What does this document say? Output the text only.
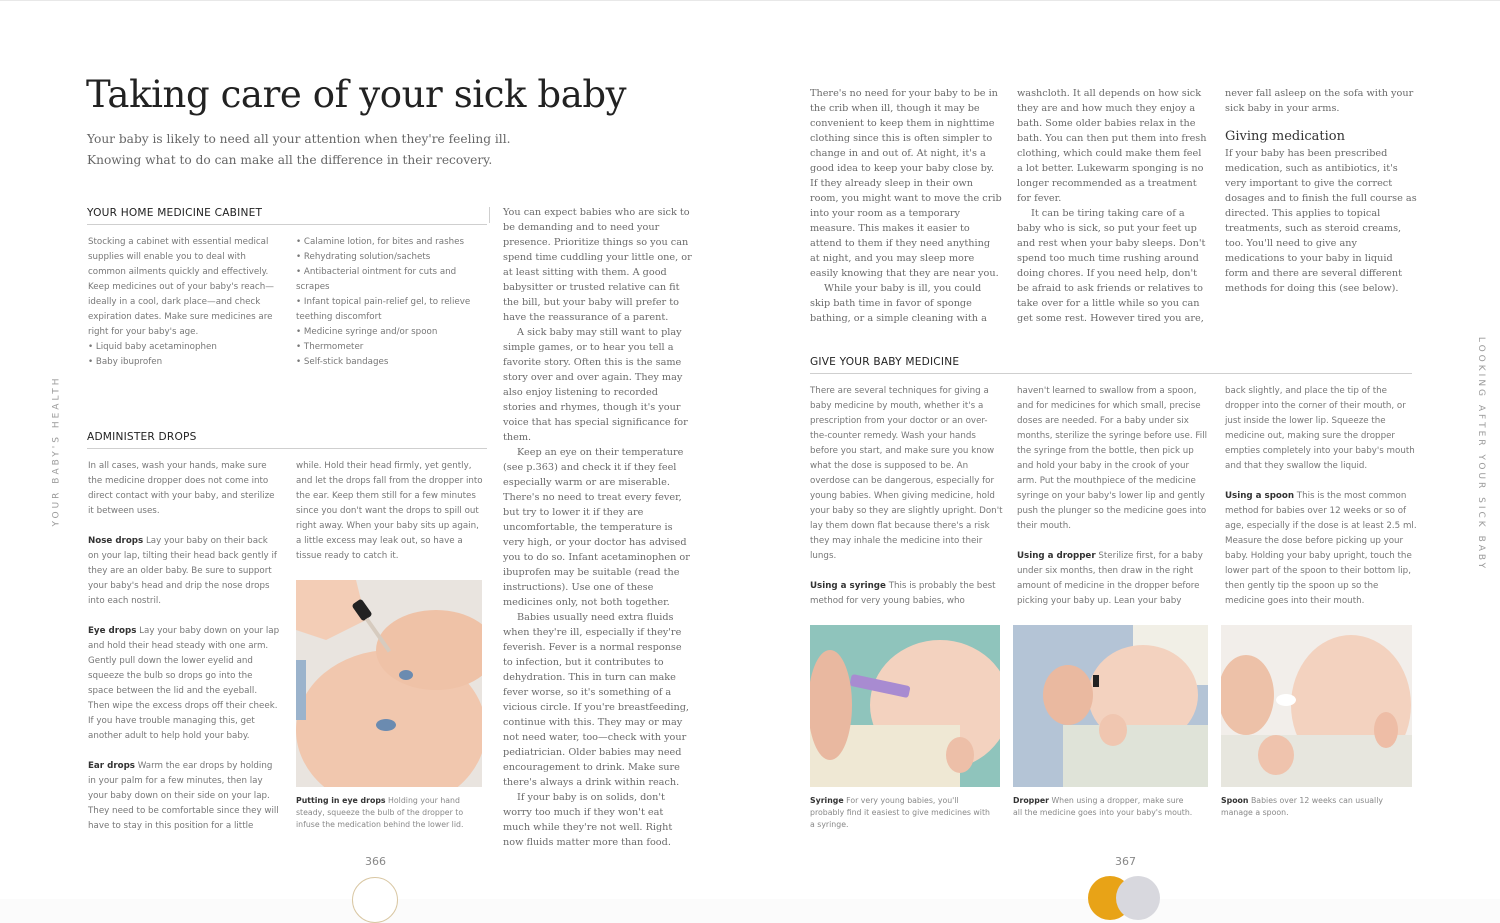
YOUR BABY'S HEALTH
Taking care of your sick baby
Your baby is likely to need all your attention when they're feeling ill. Knowing what to do can make all the difference in their recovery.
YOUR HOME MEDICINE CABINET
Stocking a cabinet with essential medical supplies will enable you to deal with common ailments quickly and effectively. Keep medicines out of your baby's reach—ideally in a cool, dark place—and check expiration dates. Make sure medicines are right for your baby's age.
• Liquid baby acetaminophen
• Baby ibuprofen
• Calamine lotion, for bites and rashes
• Rehydrating solution/sachets
• Antibacterial ointment for cuts and scrapes
• Infant topical pain-relief gel, to relieve teething discomfort
• Medicine syringe and/or spoon
• Thermometer
• Self-stick bandages
ADMINISTER DROPS
In all cases, wash your hands, make sure the medicine dropper does not come into direct contact with your baby, and sterilize it between uses.
Nose drops Lay your baby on their back on your lap, tilting their head back gently if they are an older baby. Be sure to support your baby's head and drip the nose drops into each nostril.
Eye drops Lay your baby down on your lap and hold their head steady with one arm. Gently pull down the lower eyelid and squeeze the bulb so drops go into the space between the lid and the eyeball. Then wipe the excess drops off their cheek. If you have trouble managing this, get another adult to help hold your baby.
Ear drops Warm the ear drops by holding in your palm for a few minutes, then lay your baby down on their side on your lap. They need to be comfortable since they will have to stay in this position for a little
while. Hold their head firmly, yet gently, and let the drops fall from the dropper into the ear. Keep them still for a few minutes since you don't want the drops to spill out right away. When your baby sits up again, a little excess may leak out, so have a tissue ready to catch it.
Putting in eye drops Holding your hand steady, squeeze the bulb of the dropper to infuse the medication behind the lower lid.

You can expect babies who are sick to be demanding and to need your presence. Prioritize things so you can spend time cuddling your little one, or at least sitting with them. A good babysitter or trusted relative can fit the bill, but your baby will prefer to have the reassurance of a parent.

A sick baby may still want to play simple games, or to hear you tell a favorite story. Often this is the same story over and over again. They may also enjoy listening to recorded stories and rhymes, though it's your voice that has special significance for them.

Keep an eye on their temperature (see p.363) and check it if they feel especially warm or are miserable. There's no need to treat every fever, but try to lower it if they are uncomfortable, the temperature is very high, or your doctor has advised you to do so. Infant acetaminophen or ibuprofen may be suitable (read the instructions). Use one of these medicines only, not both together.

Babies usually need extra fluids when they're ill, especially if they're feverish. Fever is a normal response to infection, but it contributes to dehydration. This in turn can make fever worse, so it's something of a vicious circle. If you're breastfeeding, continue with this. They may or may not need water, too—check with your pediatrician. Older babies may need encouragement to drink. Make sure there's always a drink within reach.

If your baby is on solids, don't worry too much if they won't eat much while they're not well. Right now fluids matter more than food.

366

There's no need for your baby to be in the crib when ill, though it may be convenient to keep them in nighttime clothing since this is often simpler to change in and out of. At night, it's a good idea to keep your baby close by. If they already sleep in their own room, you might want to move the crib into your room as a temporary measure. This makes it easier to attend to them if they need anything at night, and you may sleep more easily knowing that they are near you.

While your baby is ill, you could skip bath time in favor of sponge bathing, or a simple cleaning with a

washcloth. It all depends on how sick they are and how much they enjoy a bath. Some older babies relax in the bath. You can then put them into fresh clothing, which could make them feel a lot better. Lukewarm sponging is no longer recommended as a treatment for fever.

It can be tiring taking care of a baby who is sick, so put your feet up and rest when your baby sleeps. Don't spend too much time rushing around doing chores. If you need help, don't be afraid to ask friends or relatives to take over for a little while so you can get some rest. However tired you are,

never fall asleep on the sofa with your sick baby in your arms.

Giving medication

If your baby has been prescribed medication, such as antibiotics, it's very important to give the correct dosages and to finish the full course as directed. This applies to topical treatments, such as steroid creams, too. You'll need to give any medications to your baby in liquid form and there are several different methods for doing this (see below).

LOOKING AFTER YOUR SICK BABY
GIVE YOUR BABY MEDICINE
There are several techniques for giving a baby medicine by mouth, whether it's a prescription from your doctor or an over-the-counter remedy. Wash your hands before you start, and make sure you know what the dose is supposed to be. An overdose can be dangerous, especially for young babies. When giving medicine, hold your baby so they are slightly upright. Don't lay them down flat because there's a risk they may inhale the medicine into their lungs.
Using a syringe This is probably the best method for very young babies, who
haven't learned to swallow from a spoon, and for medicines for which small, precise doses are needed. For a baby under six months, sterilize the syringe before use. Fill the syringe from the bottle, then pick up and hold your baby in the crook of your arm. Put the mouthpiece of the medicine syringe on your baby's lower lip and gently push the plunger so the medicine goes into their mouth.
Using a dropper Sterilize first, for a baby under six months, then draw in the right amount of medicine in the dropper before picking your baby up. Lean your baby
back slightly, and place the tip of the dropper into the corner of their mouth, or just inside the lower lip. Squeeze the medicine out, making sure the dropper empties completely into your baby's mouth and that they swallow the liquid.
Using a spoon This is the most common method for babies over 12 weeks or so of age, especially if the dose is at least 2.5 ml. Measure the dose before picking up your baby. Holding your baby upright, touch the lower part of the spoon to their bottom lip, then gently tip the spoon up so the medicine goes into their mouth.
Syringe For very young babies, you'll probably find it easiest to give medicines with a syringe.
Dropper When using a dropper, make sure all the medicine goes into your baby's mouth.
Spoon Babies over 12 weeks can usually manage a spoon.
367
